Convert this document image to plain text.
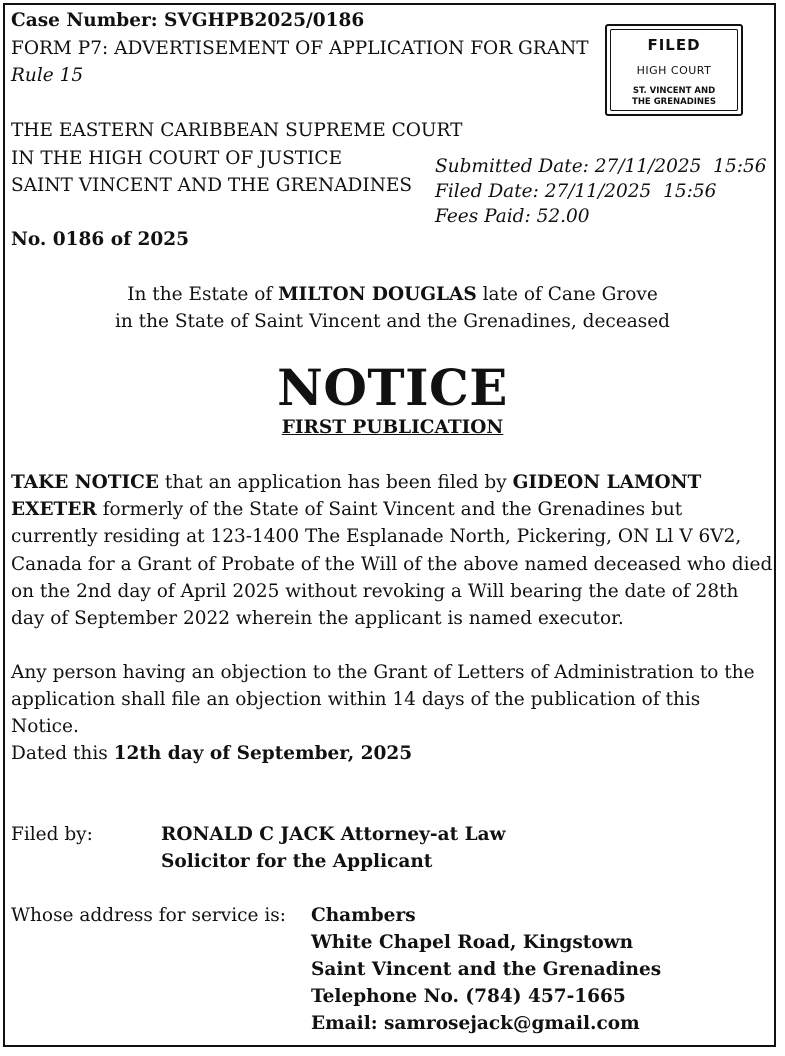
Case Number: SVGHPB2025/0186
FORM P7: ADVERTISEMENT OF APPLICATION FOR GRANT
Rule 15
FILED
HIGH COURT
ST. VINCENT AND
THE GRENADINES
THE EASTERN CARIBBEAN SUPREME COURT
IN THE HIGH COURT OF JUSTICE
SAINT VINCENT AND THE GRENADINES
No. 0186 of 2025
Submitted Date: 27/11/2025  15:56
Filed Date: 27/11/2025  15:56
Fees Paid: 52.00
In the Estate of MILTON DOUGLAS late of Cane Grove
in the State of Saint Vincent and the Grenadines, deceased
NOTICE
FIRST PUBLICATION
TAKE NOTICE that an application has been filed by GIDEON LAMONT EXETER formerly of the State of Saint Vincent and the Grenadines but currently residing at 123-1400 The Esplanade North, Pickering, ON Ll V 6V2, Canada for a Grant of Probate of the Will of the above named deceased who died on the 2nd day of April 2025 without revoking a Will bearing the date of 28th day of September 2022 wherein the applicant is named executor.
Any person having an objection to the Grant of Letters of Administration to the application shall file an objection within 14 days of the publication of this Notice.
Dated this 12th day of September, 2025
Filed by:	RONALD C JACK Attorney-at Law
Solicitor for the Applicant
Whose address for service is: Chambers
White Chapel Road, Kingstown
Saint Vincent and the Grenadines
Telephone No. (784) 457-1665
Email: samrosejack@gmail.com
